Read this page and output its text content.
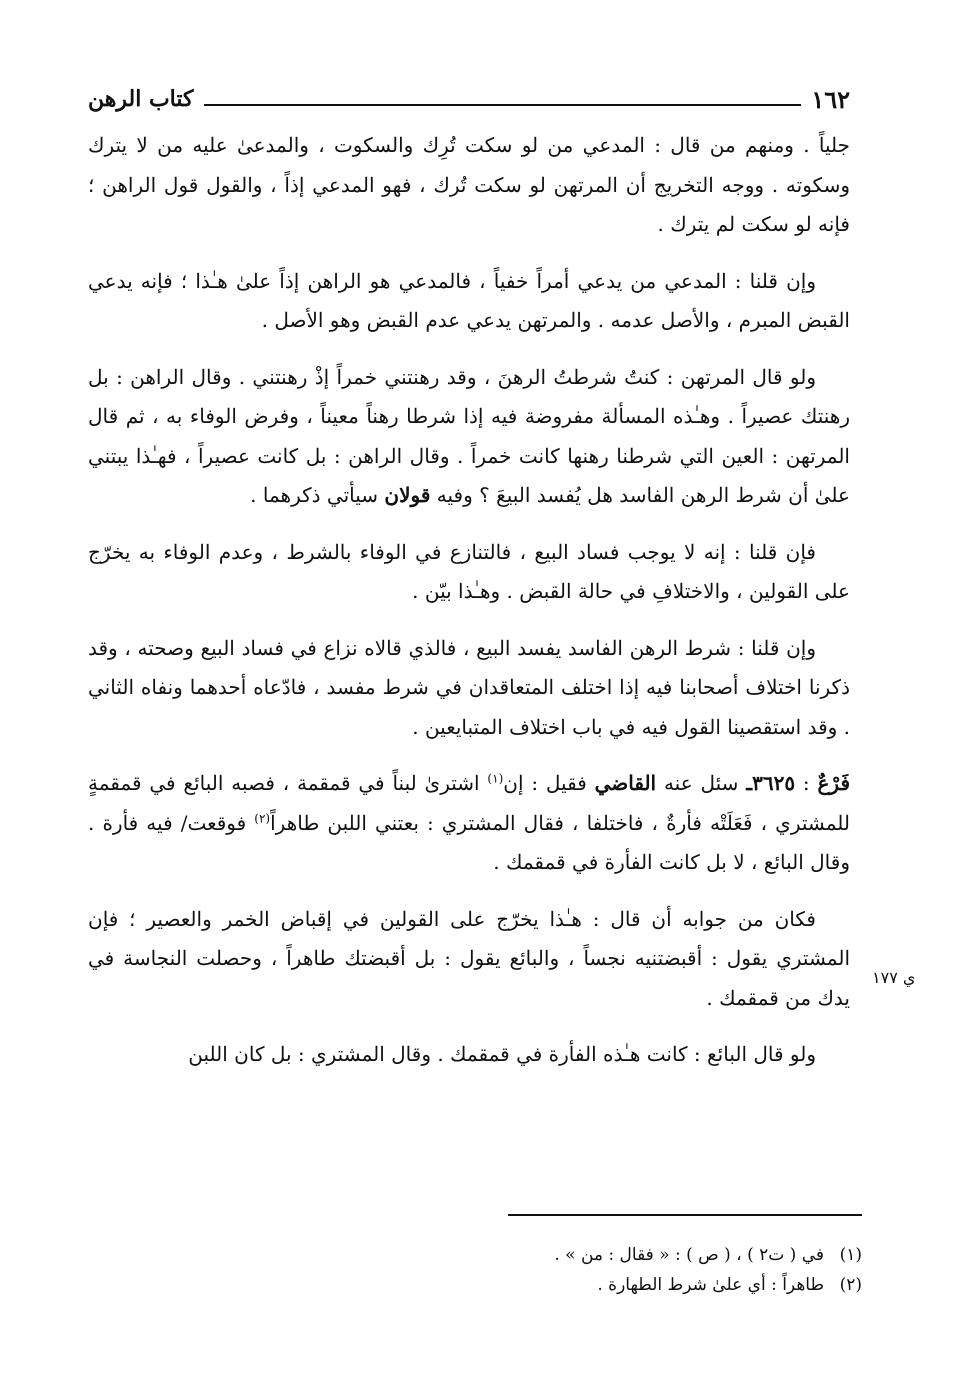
١٦٢
كتاب الرهن

جلياً . ومنهم من قال : المدعي من لو سكت تُرِك والسكوت ، والمدعىٰ عليه من لا يترك وسكوته . ووجه التخريج أن المرتهن لو سكت تُرك ، فهو المدعي إذاً ، والقول قول الراهن ؛ فإنه لو سكت لم يترك .

وإن قلنا : المدعي من يدعي أمراً خفياً ، فالمدعي هو الراهن إذاً علىٰ هـٰذا ؛ فإنه يدعي القبض المبرم ، والأصل عدمه . والمرتهن يدعي عدم القبض وهو الأصل .

ولو قال المرتهن : كنتُ شرطتُ الرهنَ ، وقد رهنتني خمراً إذْ رهنتني . وقال الراهن : بل رهنتك عصيراً . وهـٰذه المسألة مفروضة فيه إذا شرطا رهناً معيناً ، وفرض الوفاء به ، ثم قال المرتهن : العين التي شرطنا رهنها كانت خمراً . وقال الراهن : بل كانت عصيراً ، فهـٰذا يبتني علىٰ أن شرط الرهن الفاسد هل يُفسد البيعَ ؟ وفيه قولان سيأتي ذكرهما .

فإن قلنا : إنه لا يوجب فساد البيع ، فالتنازع في الوفاء بالشرط ، وعدم الوفاء به يخرّج على القولين ، والاختلافِ في حالة القبض . وهـٰذا بيّن .

وإن قلنا : شرط الرهن الفاسد يفسد البيع ، فالذي قالاه نزاع في فساد البيع وصحته ، وقد ذكرنا اختلاف أصحابنا فيه إذا اختلف المتعاقدان في شرط مفسد ، فادّعاه أحدهما ونفاه الثاني . وقد استقصينا القول فيه في باب اختلاف المتبايعين .

فَرْعٌ : ٣٦٢٥ـ سئل عنه القاضي فقيل : إن$^{(١)}$ اشترىٰ لبناً في قمقمة ، فصبه البائع في قمقمةٍ للمشتري ، فَعَلَتْه فأرةٌ ، فاختلفا ، فقال المشتري : بعتني اللبن طاهراً$^{(٢)}$ فوقعت/ فيه فأرة . وقال البائع ، لا بل كانت الفأرة في قمقمك .

فكان من جوابه أن قال : هـٰذا يخرّج على القولين في إقباض الخمر والعصير ؛ فإن المشتري يقول : أقبضتنيه نجساً ، والبائع يقول : بل أقبضتك طاهراً ، وحصلت النجاسة في يدك من قمقمك .

ولو قال البائع : كانت هـٰذه الفأرة في قمقمك . وقال المشتري : بل كان اللبن

ي ١٧٧
(١)في ( ت٢ ) ، ( ص ) : « فقال : من » .
(٢)طاهراً : أي علىٰ شرط الطهارة .
